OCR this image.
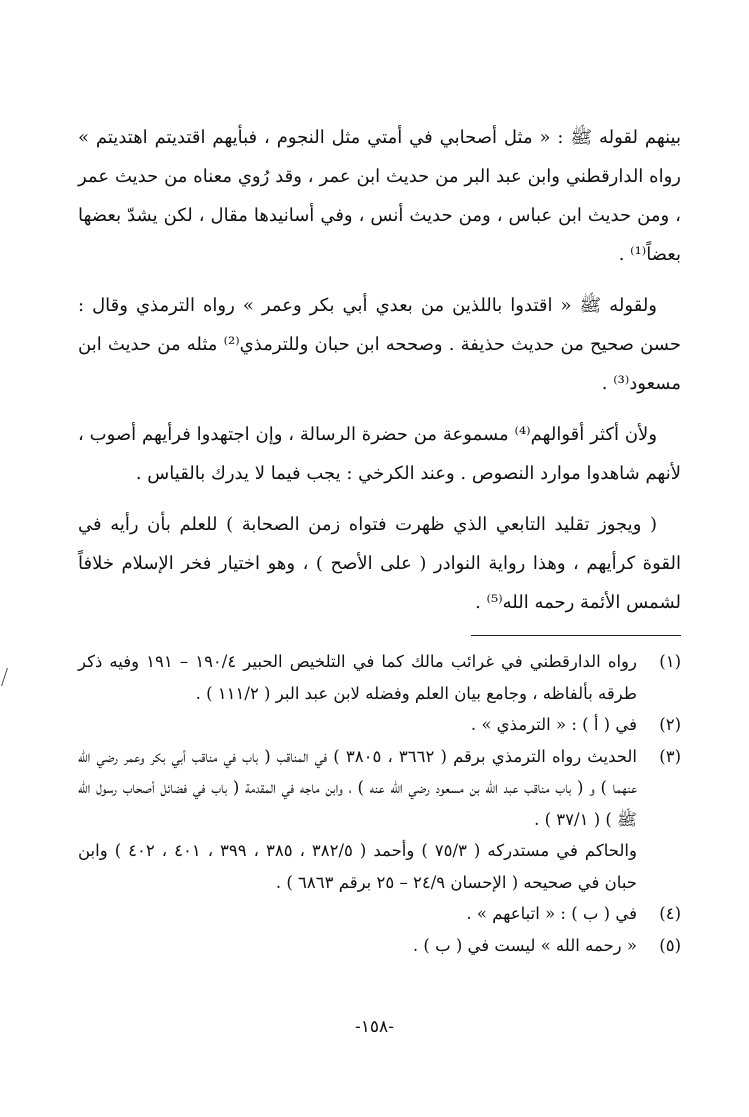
بينهم لقوله ﷺ : « مثل أصحابي في أمتي مثل النجوم ، فبأيهم اقتديتم اهتديتم » رواه الدارقطني وابن عبد البر من حديث ابن عمر ، وقد رُوي معناه من حديث عمر ، ومن حديث ابن عباس ، ومن حديث أنس ، وفي أسانيدها مقال ، لكن يشدّ بعضها بعضاً⁽¹⁾ .

ولقوله ﷺ « اقتدوا باللذين من بعدي أبي بكر وعمر » رواه الترمذي وقال : حسن صحيح من حديث حذيفة . وصححه ابن حبان وللترمذي⁽²⁾ مثله من حديث ابن مسعود⁽³⁾ .

ولأن أكثر أقوالهم⁽⁴⁾ مسموعة من حضرة الرسالة ، وإن اجتهدوا فرأيهم أصوب ، لأنهم شاهدوا موارد النصوص . وعند الكرخي : يجب فيما لا يدرك بالقياس .

( ويجوز تقليد التابعي الذي ظهرت فتواه زمن الصحابة ) للعلم بأن رأيه في القوة كرأيهم ، وهذا رواية النوادر ( على الأصح ) ، وهو اختيار فخر الإسلام خلافاً لشمس الأئمة رحمه الله⁽⁵⁾ .

(١)
رواه الدارقطني في غرائب مالك كما في التلخيص الحبير ١٩٠/٤ – ١٩١ وفيه ذكر طرقه بألفاظه ، وجامع بيان العلم وفضله لابن عبد البر ( ١١١/٢ ) .
(٢)
في ( أ ) : « الترمذي » .
(٣)
الحديث رواه الترمذي برقم ( ٣٦٦٢ ، ٣٨٠٥ ) في المناقب ( باب في مناقب أبي بكر وعمر رضي الله عنهما ) و ( باب مناقب عبد الله بن مسعود رضي الله عنه ) ، وابن ماجه في المقدمة ( باب في فضائل أصحاب رسول الله ﷺ ) ( ٣٧/١ ) .
والحاكم في مستدركه ( ٧٥/٣ ) وأحمد ( ٣٨٢/٥ ، ٣٨٥ ، ٣٩٩ ، ٤٠١ ، ٤٠٢ ) وابن حبان في صحيحه ( الإحسان ٢٤/٩ – ٢٥ برقم ٦٨٦٣ ) .
(٤)
في ( ب ) : « اتباعهم » .
(٥)
« رحمه الله » ليست في ( ب ) .
-١٥٨-
